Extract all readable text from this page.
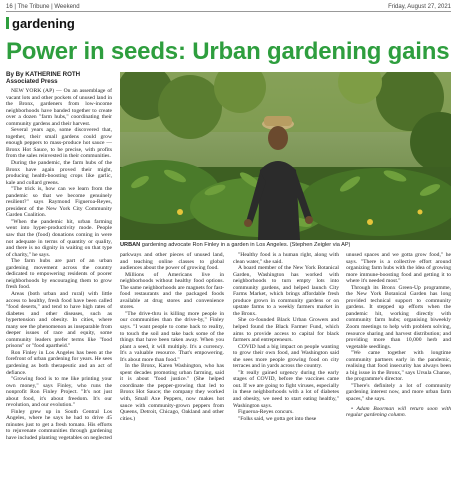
16 | The Tribune | Weekend	Friday, August 27, 2021
gardening
Power in seeds: Urban gardening gains
By By KATHERINE ROTH
Associated Press

NEW YORK (AP) — On an assemblage of vacant lots and other pockets of unused land in the Bronx, gardeners from low-income neighborhoods have banded together to create over a dozen "farm hubs," coordinating their community gardens and their harvest.

Several years ago, some discovered that, together, their small gardens could grow enough peppers to mass-produce hot sauce — Bronx Hot Sauce, to be precise, with profits from the sales reinvested in their communities.

During the pandemic, the farm hubs of the Bronx have again proved their might, producing health-boosting crops like garlic, kale and collard greens.

"The trick is, how can we learn from the pandemic so that we become genuinely resilient?" says Raymond Figueroa-Reyes, president of the New York City Community Garden Coalition.

"When the pandemic hit, urban farming went into hyper-productivity mode. People saw that the (food) donations coming in were not adequate in terms of quantity or quality, and there is no dignity in waiting on that type of charity," he says.

The farm hubs are part of an urban gardening movement across the country dedicated to empowering residents of poorer neighborhoods by encouraging them to grow fresh food.

Areas (both urban and rural) with little access to healthy, fresh food have been called "food deserts," and tend to have high rates of diabetes and other diseases, such as hypertension and obesity. In cities, where many see the phenomenon as inseparable from deeper issues of race and equity, some community leaders prefer terms like "food prisons" or "food apartheid."

Ron Finley in Los Angeles has been at the forefront of urban gardening for years. He sees gardening as both therapeutic and an act of defiance.

"Growing food is to me like printing your own money," says Finley, who runs the nonprofit Ron Finley Project. "It's not just about food, it's about freedom. It's our revolution, and our evolution."

Finley grew up in South Central Los Angeles, where he says he had to drive 45 minutes just to get a fresh tomato. His efforts to rejuvenate communities through gardening have included planting vegetables on neglected

URBAN gardening advocate Ron Finley in a garden in Los Angeles. (Stephen Zeigler via AP)

parkways and other pieces of unused land, and teaching online classes to global audiences about the power of growing food.

Millions of Americans live in neighborhoods without healthy food options. The same neighborhoods are magnets for fast-food restaurants and the packaged foods available at drug stores and convenience stores.

"The drive-thru is killing more people in our communities than the drive-by," Finley says. "I want people to come back to reality, to touch the soil and take back some of the things that have been taken away. When you plant a seed, it will multiply. It's a currency. It's a valuable resource. That's empowering. It's about more than food."

In the Bronx, Karen Washington, who has spent decades promoting urban farming, said it is about "food justice." (She helped coordinate the pepper-growing that led to Bronx Hot Sauce; the company they worked with, Small Axe Peppers, now makes hot sauce with community-grown peppers from Queens, Detroit, Chicago, Oakland and other cities.)

"Healthy food is a human right, along with clean water," she said.

A board member of the New York Botanical Garden, Washington has worked with neighborhoods to turn empty lots into community gardens, and helped launch City Farms Market, which brings affordable fresh produce grown in community gardens or on upstate farms to a weekly farmers market in the Bronx.

She co-founded Black Urban Growers and helped found the Black Farmer Fund, which aims to provide access to capital for black farmers and entrepreneurs.

COVID had a big impact on people wanting to grow their own food, and Washington said she sees more people growing food on city terraces and in yards across the country.

"It really gained urgency during the early stages of COVID, before the vaccines came out. If we are going to fight viruses, especially in these neighborhoods with a lot of diabetes and obesity, we need to start eating healthy," Washington says.

Figueroa-Reyes concurs.

"Folks said, we gotta get into these

unused spaces and we gotta grow food," he says. "There is a collective effort around organizing farm hubs with the idea of growing more immune-boosting food and getting it to where it's needed most."

Through its Bronx Green-Up programme, the New York Botanical Garden has long provided technical support to community gardens. It stepped up efforts when the pandemic hit, working directly with community farm hubs; organising biweekly Zoom meetings to help with problem solving, resource sharing and harvest distribution; and providing more than 10,000 herb and vegetable seedlings.

"We came together with longtime community partners early in the pandemic, realising that food insecurity has always been a big issue in the Bronx," says Ursula Chanse, the programme's director.

"There's definitely a lot of community gardening interest now, and more urban farm spaces," she says.

• Adam Boorman will return soon with regular gardening column.
